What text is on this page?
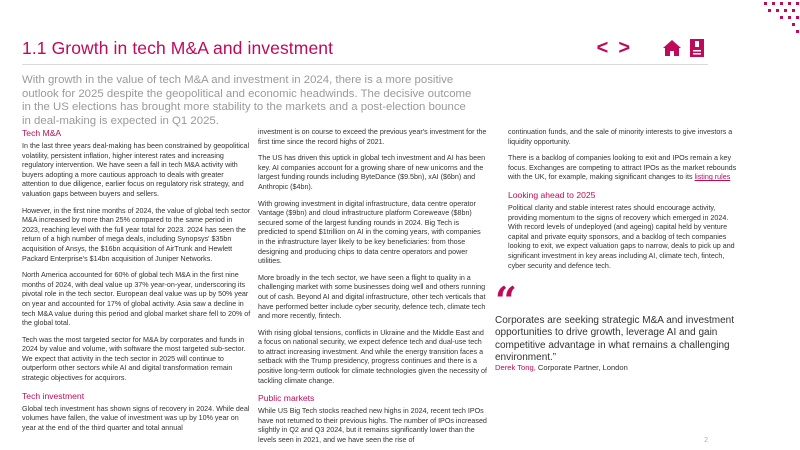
1.1 Growth in tech M&A and investment	< >

With growth in the value of tech M&A and investment in 2024, there is a more positive outlook for 2025 despite the geopolitical and economic headwinds. The decisive outcome in the US elections has brought more stability to the markets and a post-election bounce in deal-making is expected in Q1 2025.

Tech M&A

In the last three years deal-making has been constrained by geopolitical volatility, persistent inflation, higher interest rates and increasing regulatory intervention. We have seen a fall in tech M&A activity with buyers adopting a more cautious approach to deals with greater attention to due diligence, earlier focus on regulatory risk strategy, and valuation gaps between buyers and sellers.

However, in the first nine months of 2024, the value of global tech sector M&A increased by more than 25% compared to the same period in 2023, reaching level with the full year total for 2023. 2024 has seen the return of a high number of mega deals, including Synopsys' $35bn acquisition of Ansys, the $16bn acquisition of AirTrunk and Hewlett Packard Enterprise's $14bn acquisition of Juniper Networks.

North America accounted for 60% of global tech M&A in the first nine months of 2024, with deal value up 37% year-on-year, underscoring its pivotal role in the tech sector. European deal value was up by 50% year on year and accounted for 17% of global activity. Asia saw a decline in tech M&A value during this period and global market share fell to 20% of the global total.

Tech was the most targeted sector for M&A by corporates and funds in 2024 by value and volume, with software the most targeted sub-sector. We expect that activity in the tech sector in 2025 will continue to outperform other sectors while AI and digital transformation remain strategic objectives for acquirors.

Tech investment

Global tech investment has shown signs of recovery in 2024. While deal volumes have fallen, the value of investment was up by 10% year on year at the end of the third quarter and total annual

investment is on course to exceed the previous year's investment for the first time since the record highs of 2021.

The US has driven this uptick in global tech investment and AI has been key. AI companies account for a growing share of new unicorns and the largest funding rounds including ByteDance ($9.5bn), xAI ($6bn) and Anthropic ($4bn).

With growing investment in digital infrastructure, data centre operator Vantage ($9bn) and cloud infrastructure platform Coreweave ($8bn) secured some of the largest funding rounds in 2024. Big Tech is predicted to spend $1trillion on AI in the coming years, with companies in the infrastructure layer likely to be key beneficiaries: from those designing and producing chips to data centre operators and power utilities.

More broadly in the tech sector, we have seen a flight to quality in a challenging market with some businesses doing well and others running out of cash. Beyond AI and digital infrastructure, other tech verticals that have performed better include cyber security, defence tech, climate tech and more recently, fintech.

With rising global tensions, conflicts in Ukraine and the Middle East and a focus on national security, we expect defence tech and dual-use tech to attract increasing investment. And while the energy transition faces a setback with the Trump presidency, progress continues and there is a positive long-term outlook for climate technologies given the necessity of tackling climate change.

Public markets

While US Big Tech stocks reached new highs in 2024, recent tech IPOs have not returned to their previous highs. The number of IPOs increased slightly in Q2 and Q3 2024, but it remains significantly lower than the levels seen in 2021, and we have seen the rise of

continuation funds, and the sale of minority interests to give investors a liquidity opportunity.

There is a backlog of companies looking to exit and IPOs remain a key focus. Exchanges are competing to attract IPOs as the market rebounds with the UK, for example, making significant changes to its listing rules

Looking ahead to 2025

Political clarity and stable interest rates should encourage activity, providing momentum to the signs of recovery which emerged in 2024. With record levels of undeployed (and ageing) capital held by venture capital and private equity sponsors, and a backlog of tech companies looking to exit, we expect valuation gaps to narrow, deals to pick up and significant investment in key areas including AI, climate tech, fintech, cyber security and defence tech.

“

Corporates are seeking strategic M&A and investment opportunities to drive growth, leverage AI and gain competitive advantage in what remains a challenging environment.”

Derek Tong, Corporate Partner, London

2
